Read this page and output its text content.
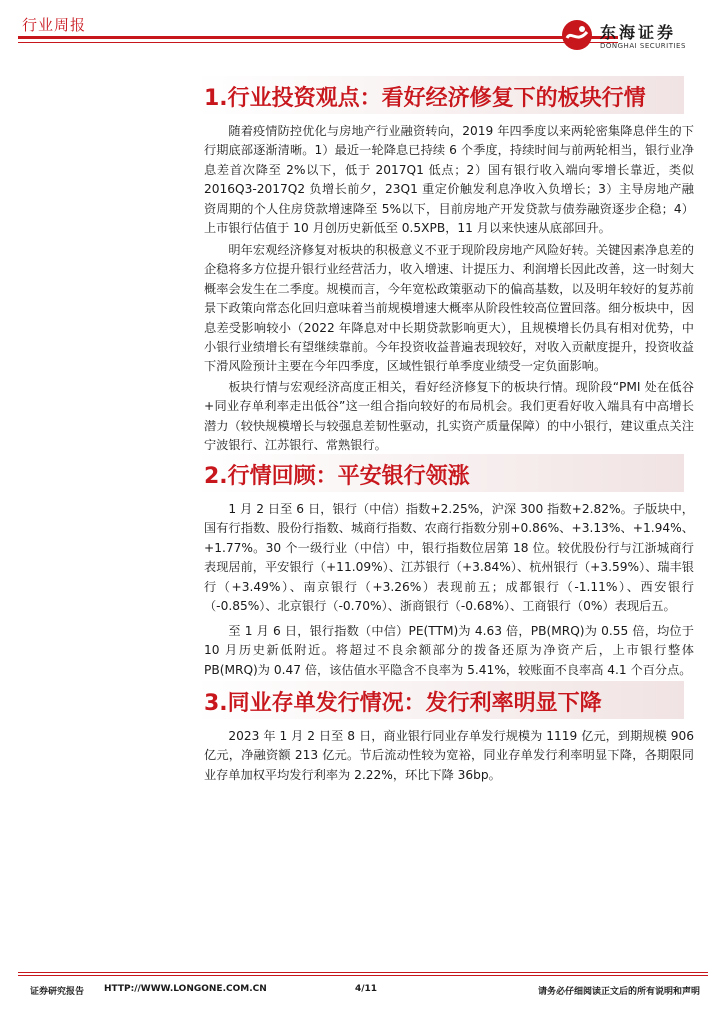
行业周报	东海证券
DONGHAI SECURITIES
1.行业投资观点：看好经济修复下的板块行情
随着疫情防控优化与房地产行业融资转向，2019 年四季度以来两轮密集降息伴生的下行期底部逐渐清晰。1）最近一轮降息已持续 6 个季度，持续时间与前两轮相当，银行业净息差首次降至 2%以下，低于 2017Q1 低点；2）国有银行收入端向零增长靠近，类似 2016Q3-2017Q2 负增长前夕，23Q1 重定价触发利息净收入负增长；3）主导房地产融资周期的个人住房贷款增速降至 5%以下，目前房地产开发贷款与债券融资逐步企稳；4）上市银行估值于 10 月创历史新低至 0.5XPB，11 月以来快速从底部回升。
明年宏观经济修复对板块的积极意义不亚于现阶段房地产风险好转。关键因素净息差的企稳将多方位提升银行业经营活力，收入增速、计提压力、利润增长因此改善，这一时刻大概率会发生在二季度。规模而言，今年宽松政策驱动下的偏高基数，以及明年较好的复苏前景下政策向常态化回归意味着当前规模增速大概率从阶段性较高位置回落。细分板块中，因息差受影响较小（2022 年降息对中长期贷款影响更大），且规模增长仍具有相对优势，中小银行业绩增长有望继续靠前。今年投资收益普遍表现较好，对收入贡献度提升，投资收益下滑风险预计主要在今年四季度，区域性银行单季度业绩受一定负面影响。
板块行情与宏观经济高度正相关，看好经济修复下的板块行情。现阶段“PMI 处在低谷+同业存单利率走出低谷”这一组合指向较好的布局机会。我们更看好收入端具有中高增长潜力（较快规模增长与较强息差韧性驱动，扎实资产质量保障）的中小银行，建议重点关注宁波银行、江苏银行、常熟银行。
2.行情回顾：平安银行领涨
1 月 2 日至 6 日，银行（中信）指数+2.25%，沪深 300 指数+2.82%。子版块中，国有行指数、股份行指数、城商行指数、农商行指数分别+0.86%、+3.13%、+1.94%、+1.77%。30 个一级行业（中信）中，银行指数位居第 18 位。较优股份行与江浙城商行表现居前，平安银行（+11.09%）、江苏银行（+3.84%）、杭州银行（+3.59%）、瑞丰银行（+3.49%）、南京银行（+3.26%）表现前五；成都银行（-1.11%）、西安银行（-0.85%）、北京银行（-0.70%）、浙商银行（-0.68%）、工商银行（0%）表现后五。
至 1 月 6 日，银行指数（中信）PE(TTM)为 4.63 倍，PB(MRQ)为 0.55 倍，均位于 10 月历史新低附近。将超过不良余额部分的拨备还原为净资产后，上市银行整体 PB(MRQ)为 0.47 倍，该估值水平隐含不良率为 5.41%，较账面不良率高 4.1 个百分点。
3.同业存单发行情况：发行利率明显下降
2023 年 1 月 2 日至 8 日，商业银行同业存单发行规模为 1119 亿元，到期规模 906 亿元，净融资额 213 亿元。节后流动性较为宽裕，同业存单发行利率明显下降，各期限同业存单加权平均发行利率为 2.22%，环比下降 36bp。
证券研究报告 HTTP://WWW.LONGONE.COM.CN	4/11	请务必仔细阅读正文后的所有说明和声明
